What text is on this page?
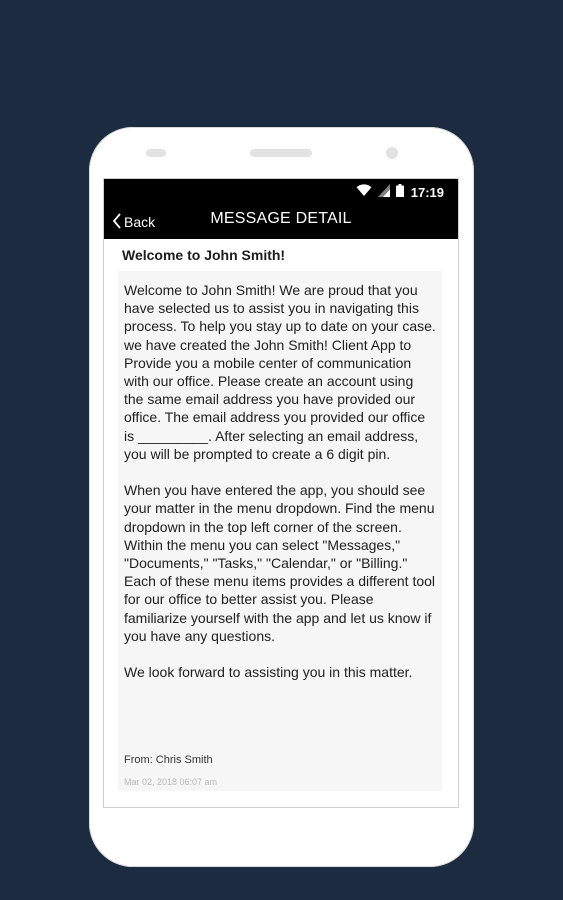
17:19
Back	MESSAGE DETAIL
Welcome to John Smith!
Welcome to John Smith! We are proud that you have selected us to assist you in navigating this process. To help you stay up to date on your case. we have created the John Smith! Client App to Provide you a mobile center of communication with our office. Please create an account using the same email address you have provided our office. The email address you provided our office is _________. After selecting an email address, you will be prompted to create a 6 digit pin.

When you have entered the app, you should see your matter in the menu dropdown. Find the menu dropdown in the top left corner of the screen. Within the menu you can select "Messages," "Documents," "Tasks," "Calendar," or "Billing." Each of these menu items provides a different tool for our office to better assist you. Please familiarize yourself with the app and let us know if you have any questions.

We look forward to assisting you in this matter.
From: Chris Smith
Mar 02, 2018 06:07 am
